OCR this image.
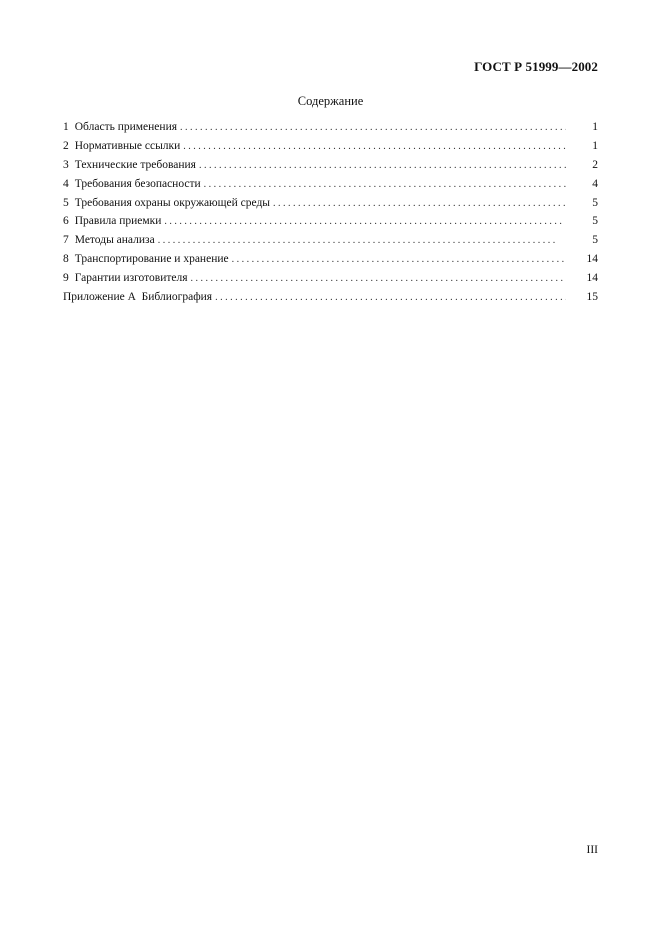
ГОСТ Р 51999—2002
Содержание
1 Область применения . . .	1
2 Нормативные ссылки . . .	1
3 Технические требования . . .	2
4 Требования безопасности . . .	4
5 Требования охраны окружающей среды . . .	5
6 Правила приемки . . .	5
7 Методы анализа . . .	5
8 Транспортирование и хранение . . .	14
9 Гарантии изготовителя . . .	14
Приложение А  Библиография . . .	15
III
